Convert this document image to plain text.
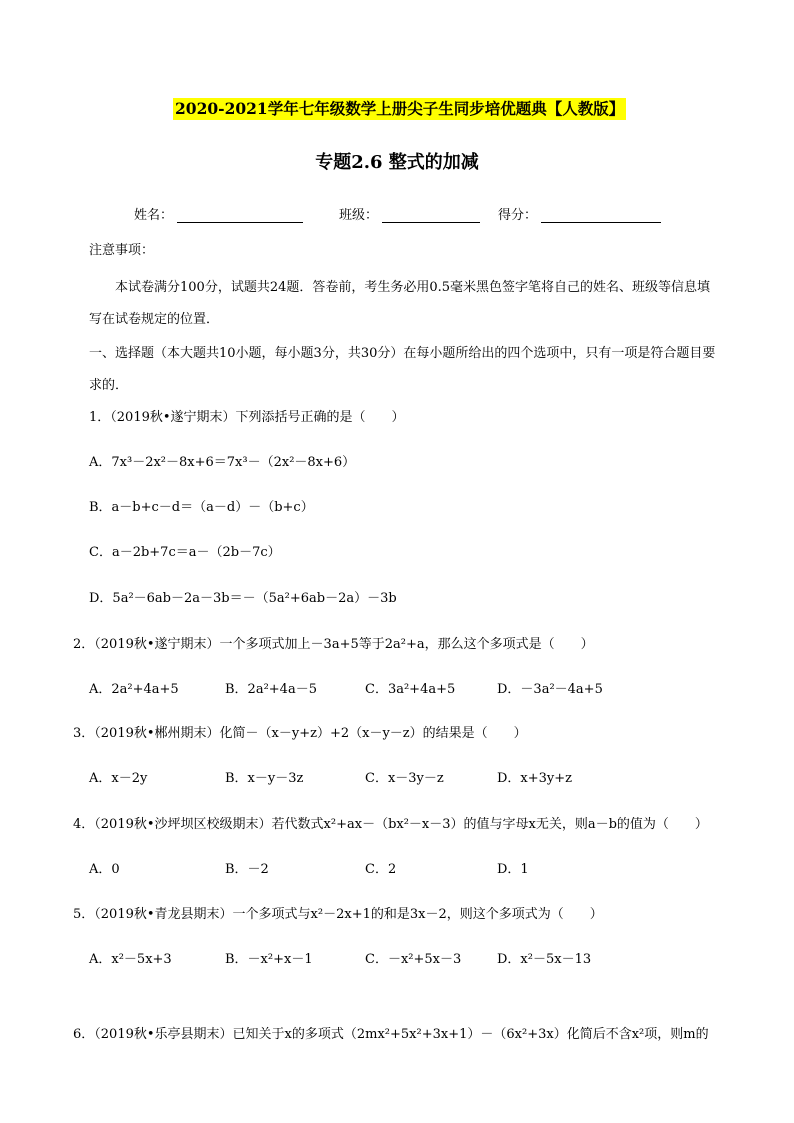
2020-2021学年七年级数学上册尖子生同步培优题典【人教版】
专题2.6 整式的加减
姓名：	班级：	得分：
注意事项：
本试卷满分100分，试题共24题．答卷前，考生务必用0.5毫米黑色签字笔将自己的姓名、班级等信息填写在试卷规定的位置．
一、选择题（本大题共10小题，每小题3分，共30分）在每小题所给出的四个选项中，只有一项是符合题目要求的．
1．（2019秋•遂宁期末）下列添括号正确的是（　　）
A．7x³－2x²－8x+6＝7x³－（2x²－8x+6）
B．a－b+c－d＝（a－d）－（b+c）
C．a－2b+7c＝a－（2b－7c）
D．5a²－6ab－2a－3b＝－（5a²+6ab－2a）－3b
2．（2019秋•遂宁期末）一个多项式加上－3a+5等于2a²+a，那么这个多项式是（　　）
A．2a²+4a+5	B．2a²+4a－5	C．3a²+4a+5	D．－3a²－4a+5
3．（2019秋•郴州期末）化简－（x－y+z）+2（x－y－z）的结果是（　　）
A．x－2y	B．x－y－3z	C．x－3y－z	D．x+3y+z
4．（2019秋•沙坪坝区校级期末）若代数式x²+ax－（bx²－x－3）的值与字母x无关，则a－b的值为（　　）
A．0	B．－2	C．2	D．1
5．（2019秋•青龙县期末）一个多项式与x²－2x+1的和是3x－2，则这个多项式为（　　）
A．x²－5x+3	B．－x²+x－1	C．－x²+5x－3	D．x²－5x－13
6．（2019秋•乐亭县期末）已知关于x的多项式（2mx²+5x²+3x+1）－（6x²+3x）化简后不含x²项，则m的
